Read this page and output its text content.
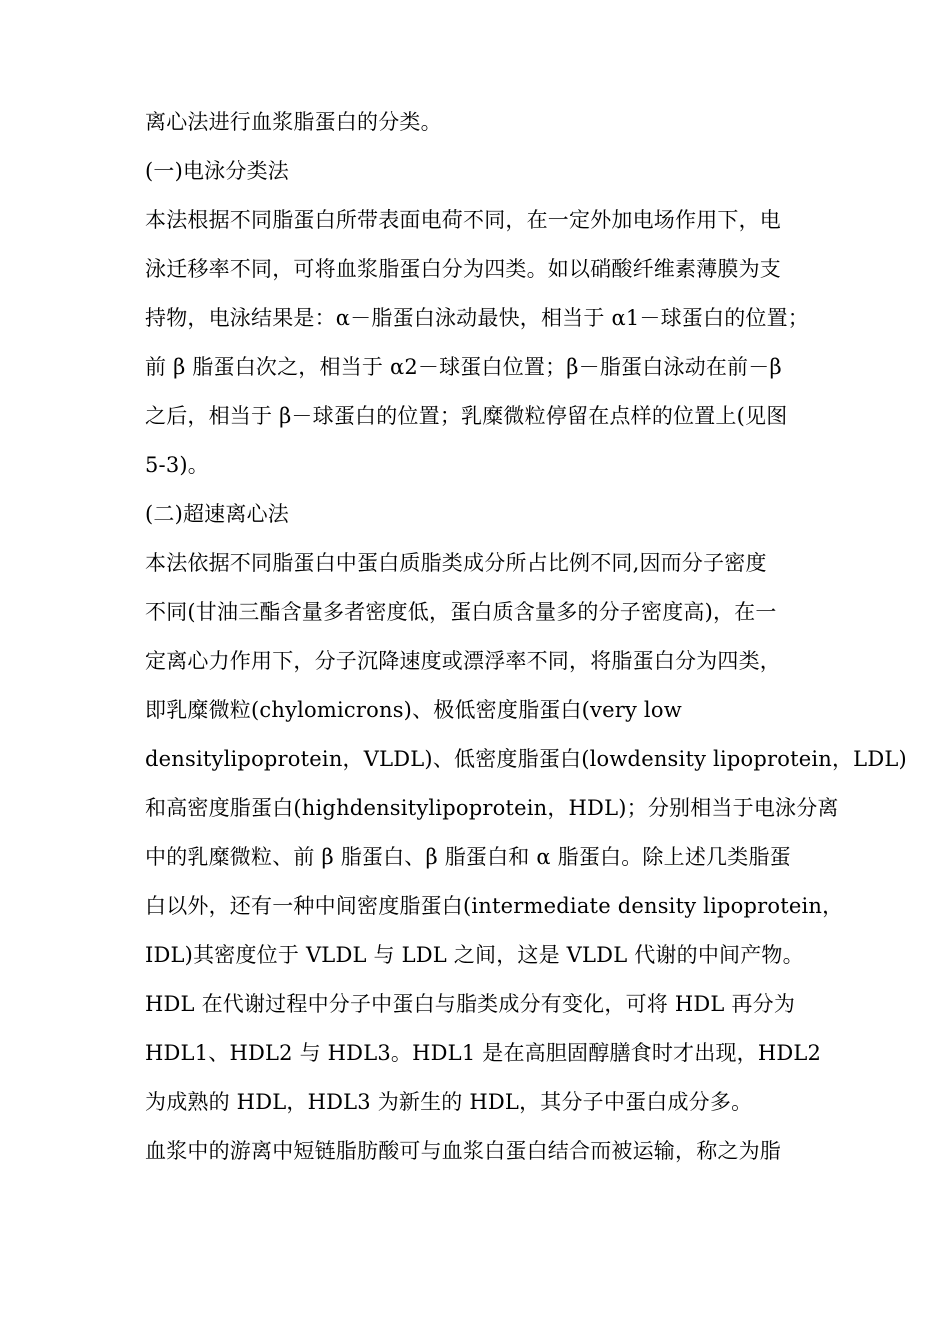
离心法进行血浆脂蛋白的分类。
(一)电泳分类法
本法根据不同脂蛋白所带表面电荷不同，在一定外加电场作用下，电
泳迁移率不同，可将血浆脂蛋白分为四类。如以硝酸纤维素薄膜为支
持物，电泳结果是：α－脂蛋白泳动最快，相当于 α1－球蛋白的位置；
前 β 脂蛋白次之，相当于 α2－球蛋白位置；β－脂蛋白泳动在前－β
之后，相当于 β－球蛋白的位置；乳糜微粒停留在点样的位置上(见图
5-3)。
(二)超速离心法
本法依据不同脂蛋白中蛋白质脂类成分所占比例不同,因而分子密度
不同(甘油三酯含量多者密度低，蛋白质含量多的分子密度高)，在一
定离心力作用下，分子沉降速度或漂浮率不同，将脂蛋白分为四类，
即乳糜微粒(chylomicrons)、极低密度脂蛋白(very low
densitylipoprotein，VLDL)、低密度脂蛋白(lowdensity lipoprotein，LDL)
和高密度脂蛋白(highdensitylipoprotein，HDL)；分别相当于电泳分离
中的乳糜微粒、前 β 脂蛋白、β 脂蛋白和 α 脂蛋白。除上述几类脂蛋
白以外，还有一种中间密度脂蛋白(intermediate density lipoprotein，
IDL)其密度位于 VLDL 与 LDL 之间，这是 VLDL 代谢的中间产物。
HDL 在代谢过程中分子中蛋白与脂类成分有变化，可将 HDL 再分为
HDL1、HDL2 与 HDL3。HDL1 是在高胆固醇膳食时才出现，HDL2
为成熟的 HDL，HDL3 为新生的 HDL，其分子中蛋白成分多。
血浆中的游离中短链脂肪酸可与血浆白蛋白结合而被运输，称之为脂
